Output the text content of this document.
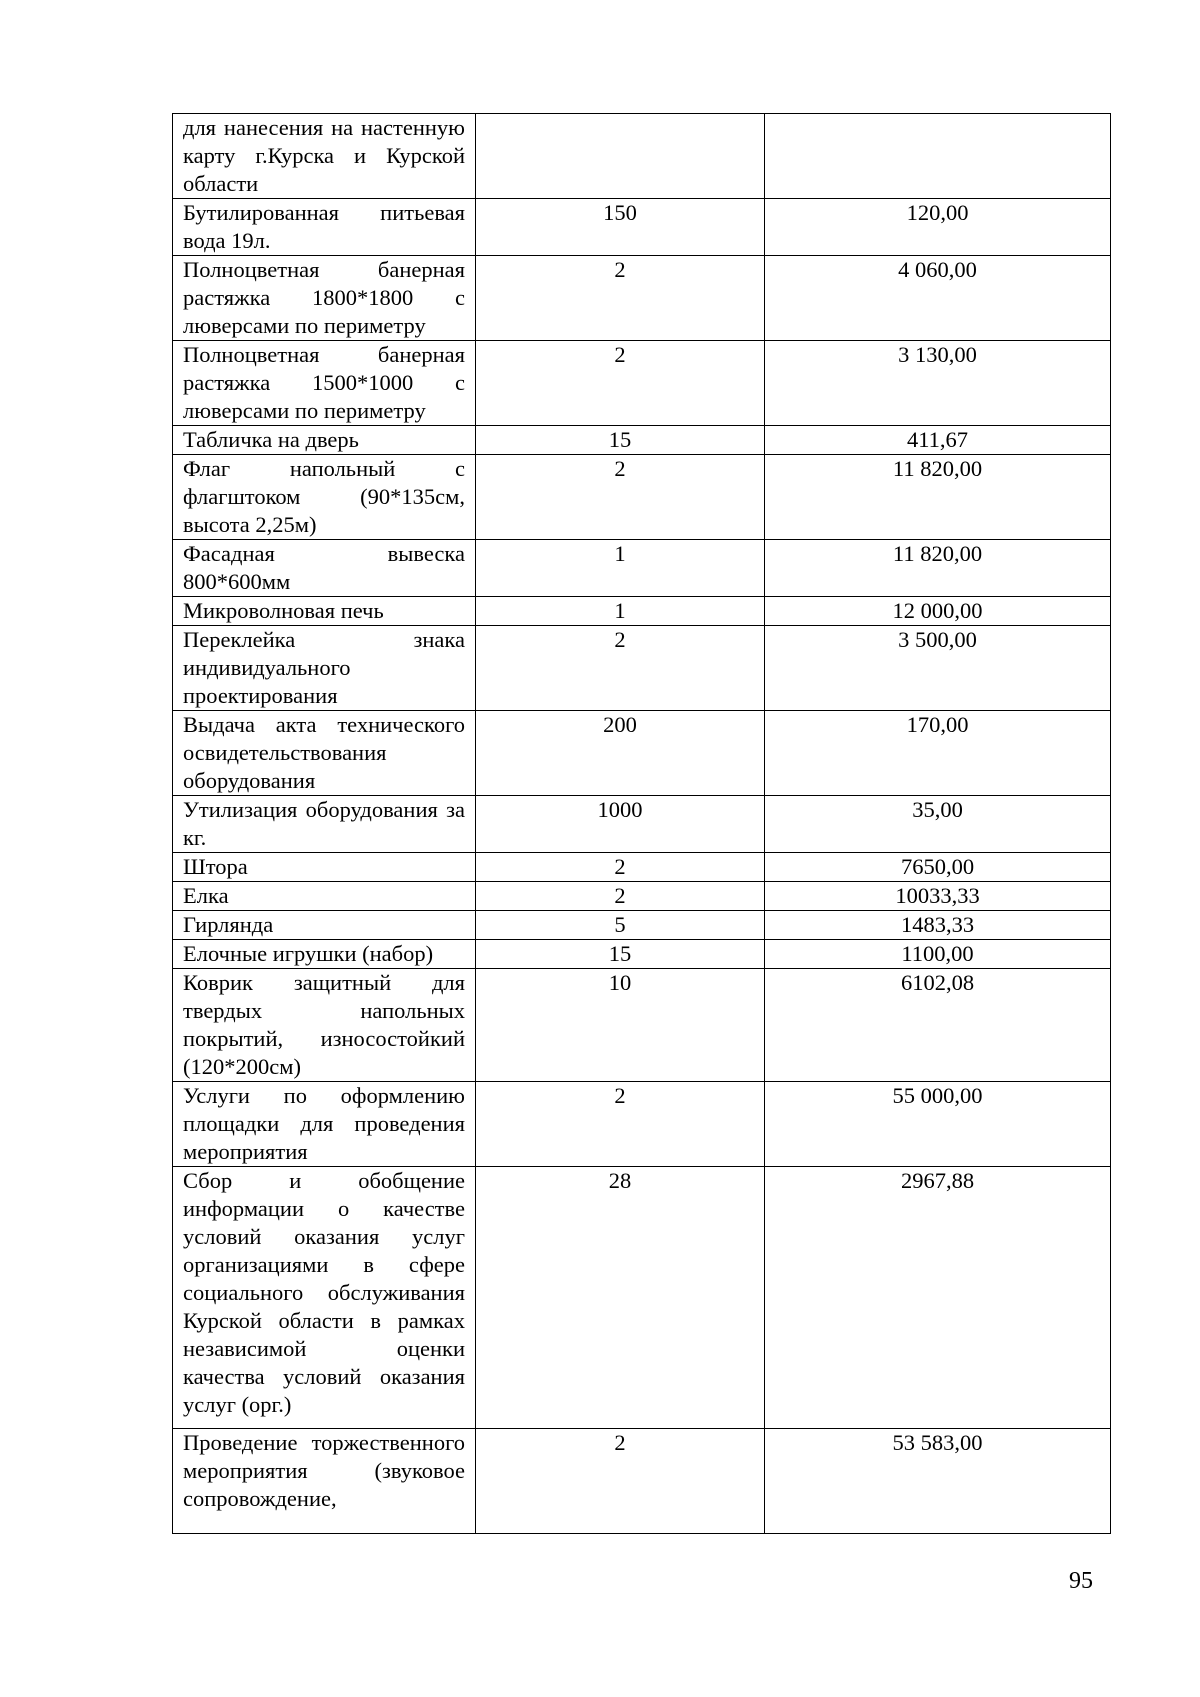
для нанесения на настенную карту г.Курска и Курской области		
Бутилированная питьевая вода 19л.	150	120,00
Полноцветная банерная растяжка 1800*1800 с люверсами по периметру	2	4 060,00
Полноцветная банерная растяжка 1500*1000 с люверсами по периметру	2	3 130,00
Табличка на дверь	15	411,67
Флаг напольный с флагштоком (90*135см, высота 2,25м)	2	11 820,00
Фасадная вывеска 800*600мм	1	11 820,00
Микроволновая печь	1	12 000,00
Переклейка знака индивидуального проектирования	2	3 500,00
Выдача акта технического освидетельствования оборудования	200	170,00
Утилизация оборудования за кг.	1000	35,00
Штора	2	7650,00
Елка	2	10033,33
Гирлянда	5	1483,33
Елочные игрушки (набор)	15	1100,00
Коврик защитный для твердых напольных покрытий, износостойкий (120*200см)	10	6102,08
Услуги по оформлению площадки для проведения мероприятия	2	55 000,00
Сбор и обобщение информации о качестве условий оказания услуг организациями в сфере социального обслуживания Курской области в рамках независимой оценки качества условий оказания услуг (орг.)	28	2967,88
Проведение торжественного мероприятия (звуковое сопровождение,	2	53 583,00
95
